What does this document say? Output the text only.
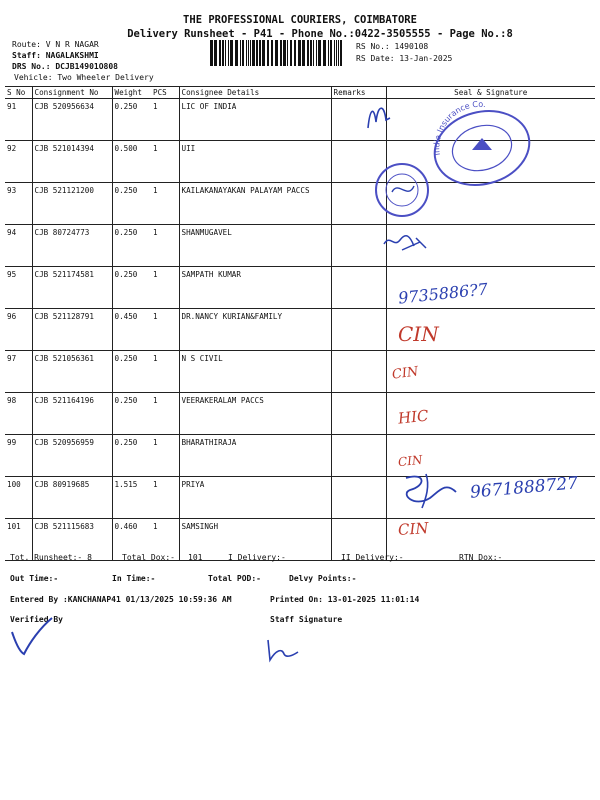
THE PROFESSIONAL COURIERS, COIMBATORE
Delivery Runsheet - P41 - Phone No.:0422-3505555 - Page No.:8
Route: V N R NAGAR
Staff: NAGALAKSHMI
DRS No.: DCJB14901O808
Vehicle: Two Wheeler Delivery
RS No.: 1490108
RS Date: 13-Jan-2025
S No	Consignment No	Weight	PCS	Consignee Details	Remarks	Seal & Signature
91	CJB 520956634	0.250	1	LIC OF INDIA		
92	CJB 521014394	0.500	1	UII		
93	CJB 521121200	0.250	1	KAILAKANAYAKAN PALAYAM PACCS		
94	CJB 80724773	0.250	1	SHANMUGAVEL		
95	CJB 521174581	0.250	1	SAMPATH KUMAR		
96	CJB 521128791	0.450	1	DR.NANCY KURIAN&FAMILY		
97	CJB 521056361	0.250	1	N S CIVIL		
98	CJB 521164196	0.250	1	VEERAKERALAM PACCS		
99	CJB 520956959	0.250	1	BHARATHIRAJA		
100	CJB 80919685	1.515	1	PRIYA		
101	CJB 521115683	0.460	1	SAMSINGH		
India Insurance Co.
9735886?7
CIN
CIN
HIC
CIN
9671888727
CIN
Tot. Runsheet:- 8	Total Dox:- 101	I Delivery:-	II Delivery:-	RTN Dox:-
Out Time:-	In Time:-	Total POD:-	Delvy Points:-
Entered By :KANCHANAP41 01/13/2025 10:59:36 AM	Printed On: 13-01-2025 11:01:14
Verified By	Staff Signature
